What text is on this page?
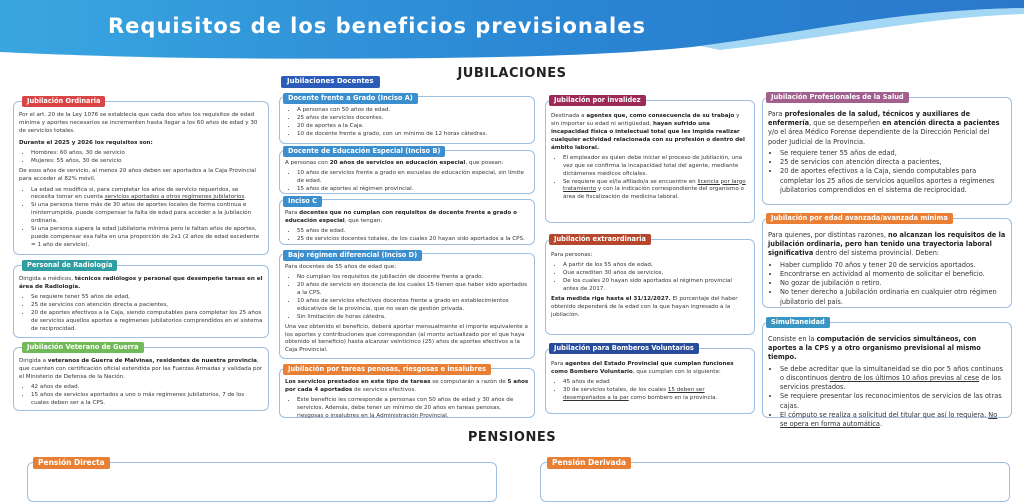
Requisitos de los beneficios previsionales
JUBILACIONES

Por el art. 20 de la Ley 1076 se establecía que cada dos años los requisitos de edad mínima y aportes necesarios se incrementen hasta llegar a los 60 años de edad y 30 de servicios totales.

Durante el 2025 y 2026 los requisitos son:

• Hombres: 60 años, 30 de servicio
• Mujeres: 55 años, 30 de servicio

De esos años de servicio, al menos 20 años deben ser aportados a la Caja Provincial para acceder al 82% móvil.

• La edad se modifica si, para completar los años de servicio requeridos, se necesita tomar en cuenta servicios aportados a otros regímenes jubilatorios.
• Si una persona tiene más de 30 años de aportes locales de forma continua e ininterrumpida, puede compensar la falta de edad para acceder a la jubilación ordinaria.
• Si una persona supera la edad jubilatoria mínima pero le faltan años de aportes, puede compensar esa falta en una proporción de 2x1 (2 años de edad excedente = 1 año de servicio).
Jubilación Ordinaria

Dirigida a médicos, técnicos radiólogos y personal que desempeñe tareas en el área de Radiología.

• Se requiere tener 55 años de edad,
• 25 de servicios con atención directa a pacientes,
• 20 de aportes efectivos a la Caja, siendo computables para completar los 25 años de servicios aquellos aportes a regímenes jubilatorios comprendidos en el sistema de reciprocidad.
Personal de Radiología

Dirigida a veteranos de Guerra de Malvinas, residentes de nuestra provincia, que cuenten con certificación oficial extendida por las Fuerzas Armadas y validada por el Ministerio de Defensa de la Nación.

• 42 años de edad.
• 15 años de servicios aportados a uno o más regímenes jubilatorios, 7 de los cuales deben ser a la CPS.
Jubilación Veterano de Guerra
Jubilaciones Docentes
• A personas con 50 años de edad.
• 25 años de servicios docentes.
• 20 de aportes a la Caja.
• 10 de docente frente a grado, con un mínimo de 12 horas cátedras.
Docente frente a Grado (Inciso A)

A personas con 20 años de servicios en educación especial, que posean:

• 10 años de servicios frente a grado en escuelas de educación especial, sin límite de edad.
• 15 años de aportes al régimen provincial.
Docente de Educación Especial (Inciso B)

Para docentes que no cumplan con requisitos de docente frente a grado o educación especial, que tengan:

• 55 años de edad.
• 25 de servicios docentes totales, de los cuales 20 hayan sido aportados a la CPS.
Inciso C

Para docentes de 55 años de edad que:

• No cumplan los requisitos de jubilación de docente frente a grado.
• 20 años de servicio en docencia de los cuales 15 tienen que haber sido aportados a la CPS.
• 10 años de servicios efectivos docentes frente a grado en establecimientos educativos de la provincia, que no sean de gestión privada.
• Sin limitación de horas cátedra.

Una vez obtenido el beneficio, deberá aportar mensualmente el importe equivalente a los aportes y contribuciones que correspondan (al monto actualizado por el que haya obtenido el beneficio) hasta alcanzar veinticinco (25) años de aportes efectivos a la Caja Provincial.

Bajo régimen diferencial (Inciso D)

Los servicios prestados en este tipo de tareas se computarán a razón de 5 años por cada 4 aportados de servicios efectivos.

• Este beneficio les corresponde a personas con 50 años de edad y 30 años de servicios. Además, debe tener un mínimo de 20 años en tareas penosas, riesgosas o insalubres en la Administración Provincial.
Jubilación por tareas penosas, riesgosas e insalubres

Destinada a agentes que, como consecuencia de su trabajo y sin importar su edad ni antigüedad, hayan sufrido una incapacidad física o intelectual total que les impida realizar cualquier actividad relacionada con su profesión o dentro del ámbito laboral.

• El empleador es quien debe iniciar el proceso de jubilación, una vez que se confirma la incapacidad total del agente, mediante dictámenes médicos oficiales.
• Se requiere que el/la afiliado/a se encuentre en licencia por largo tratamiento y con la indicación correspondiente del organismo o área de fiscalización de medicina laboral.
Jubilación por invalidez

Para personas:

• A partir de los 55 años de edad,
• Que acrediten 30 años de servicios,
• De los cuales 20 hayan sido aportados al régimen provincial antes de 2017.

Esta medida rige hasta el 31/12/2027. El porcentaje del haber obtenido dependerá de la edad con la que hayan ingresado a la jubilación.

Jubilación extraordinaria

Para agentes del Estado Provincial que cumplan funciones como Bombero Voluntario, que cumplan con lo siguiente:

• 45 años de edad
• 30 de servicios totales, de los cuales 15 deben ser desempeñados a la par como bombero en la provincia.
Jubilación para Bomberos Voluntarios

Para profesionales de la salud, técnicos y auxiliares de enfermería, que se desempeñen en atención directa a pacientes y/o el área Médico Forense dependiente de la Dirección Pericial del poder Judicial de la Provincia.

• Se requiere tener 55 años de edad,
• 25 de servicios con atención directa a pacientes,
• 20 de aportes efectivos a la Caja, siendo computables para completar los 25 años de servicios aquellos aportes a regímenes jubilatorios comprendidos en el sistema de reciprocidad.
Jubilación Profesionales de la Salud

Para quienes, por distintas razones, no alcanzan los requisitos de la jubilación ordinaria, pero han tenido una trayectoria laboral significativa dentro del sistema provincial. Deben:

• Haber cumplido 70 años y tener 20 de servicios aportados.
• Encontrarse en actividad al momento de solicitar el beneficio.
• No gozar de jubilación o retiro.
• No tener derecho a Jubilación ordinaria en cualquier otro régimen jubilatorio del país.
Jubilación por edad avanzada/avanzada mínima

Consiste en la computación de servicios simultáneos, con aportes a la CPS y a otro organismo previsional al mismo tiempo.

• Se debe acreditar que la simultaneidad se dio por 5 años continuos o discontinuos dentro de los últimos 10 años previos al cese de los servicios prestados.
• Se requiere presentar los reconocimientos de servicios de las otras cajas.
• El cómputo se realiza a solicitud del titular que así lo requiera. No se opera en forma automática.
Simultaneidad
PENSIONES
Pensión Directa	Pensión Derivada
